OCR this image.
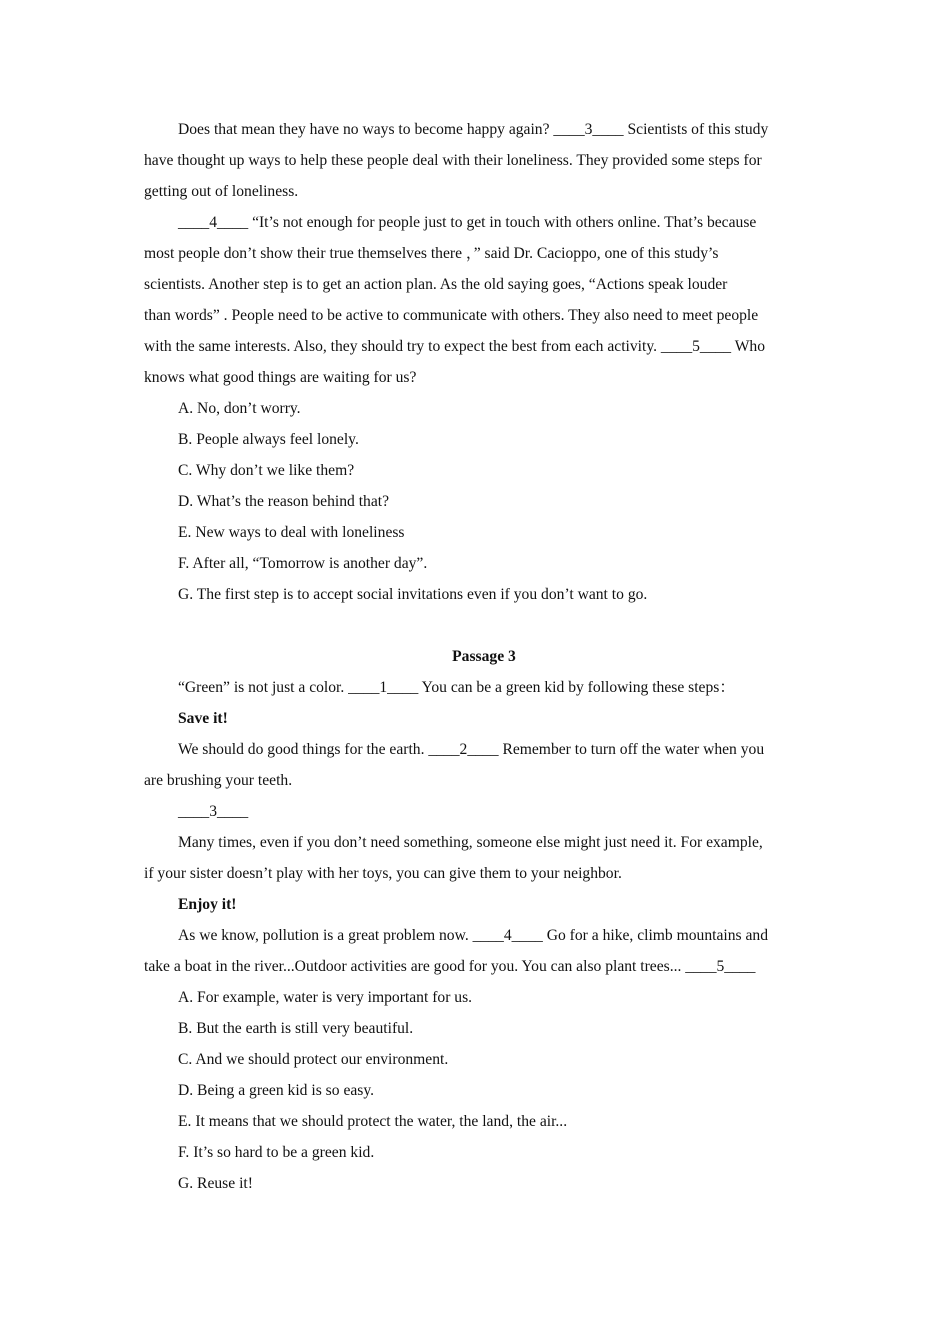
Does that mean they have no ways to become happy again? ____3____ Scientists of this study
have thought up ways to help these people deal with their loneliness. They provided some steps for
getting out of loneliness.
____4____ “It’s not enough for people just to get in touch with others online. That’s because
most people don’t show their true themselves there ，” said Dr. Cacioppo, one of this study’s
scientists. Another step is to get an action plan. As the old saying goes, “Actions speak louder
than words” . People need to be active to communicate with others. They also need to meet people
with the same interests. Also, they should try to expect the best from each activity. ____5____ Who
knows what good things are waiting for us?
A. No, don’t worry.
B. People always feel lonely.
C. Why don’t we like them?
D. What’s the reason behind that?
E. New ways to deal with loneliness
F. After all, “Tomorrow is another day”.
G. The first step is to accept social invitations even if you don’t want to go.
Passage 3
“Green” is not just a color. ____1____ You can be a green kid by following these steps：
Save it!
We should do good things for the earth. ____2____ Remember to turn off the water when you
are brushing your teeth.
____3____
Many times, even if you don’t need something, someone else might just need it. For example,
if your sister doesn’t play with her toys, you can give them to your neighbor.
Enjoy it!
As we know, pollution is a great problem now. ____4____ Go for a hike, climb mountains and
take a boat in the river...Outdoor activities are good for you. You can also plant trees... ____5____
A. For example, water is very important for us.
B. But the earth is still very beautiful.
C. And we should protect our environment.
D. Being a green kid is so easy.
E. It means that we should protect the water, the land, the air...
F. It’s so hard to be a green kid.
G. Reuse it!
